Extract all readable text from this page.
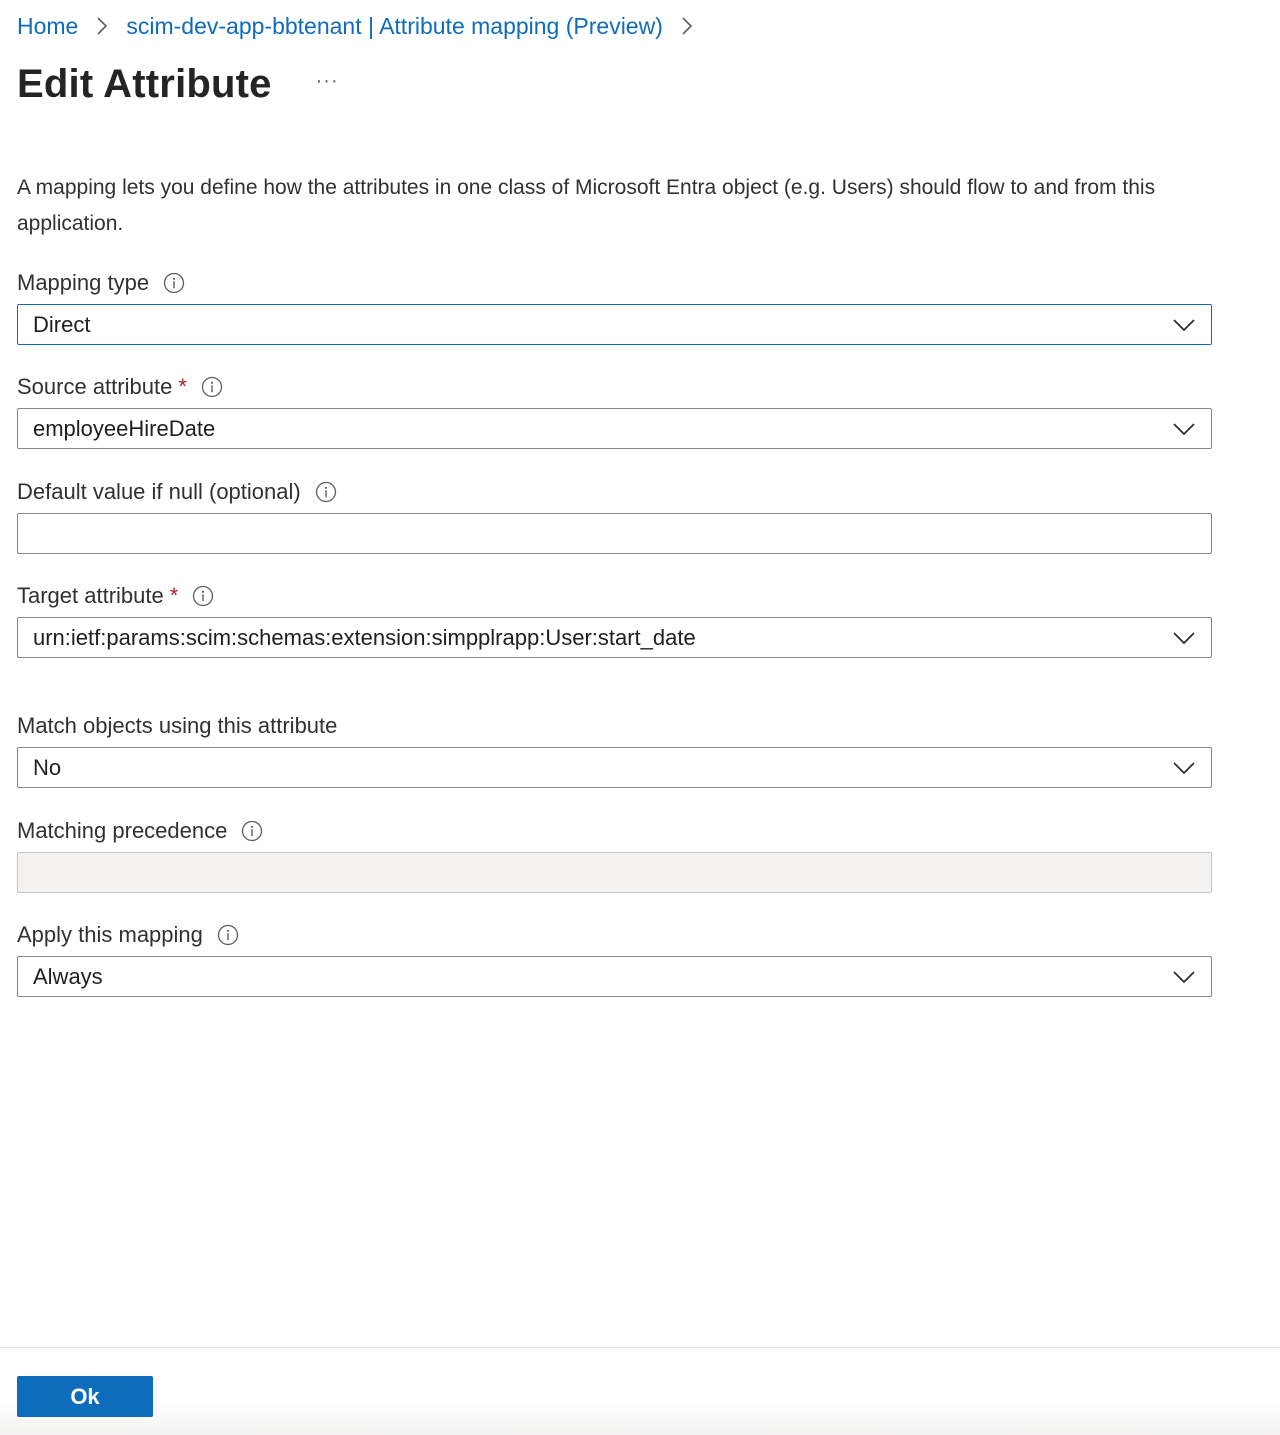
Home scim-dev-app-bbtenant | Attribute mapping (Preview)
Edit Attribute ···
A mapping lets you define how the attributes in one class of Microsoft Entra object (e.g. Users) should flow to and from this application.
Mapping type
Direct
Source attribute *
employeeHireDate
Default value if null (optional)
Target attribute *
urn:ietf:params:scim:schemas:extension:simpplrapp:User:start_date
Match objects using this attribute
No
Matching precedence
Apply this mapping
Always
Ok
